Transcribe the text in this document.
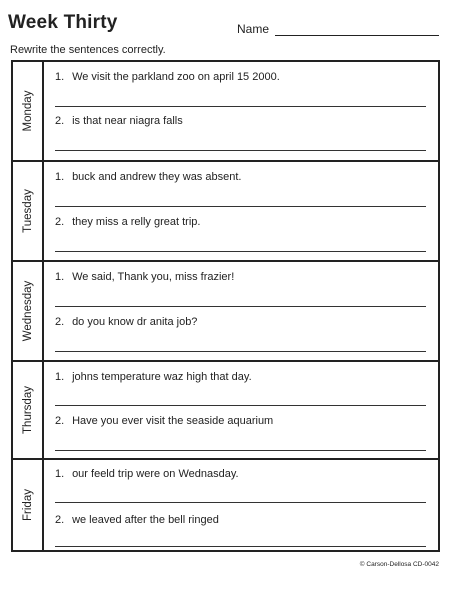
Week Thirty	Name
Rewrite the sentences correctly.
Monday
1. We visit the parkland zoo on april 15 2000.
2. is that near niagra falls
Tuesday
1. buck and andrew they was absent.
2. they miss a relly great trip.
Wednesday
1. We said, Thank you, miss frazier!
2. do you know dr anita job?
Thursday
1. johns temperature waz high that day.
2. Have you ever visit the seaside aquarium
Friday
1. our feeld trip were on Wednasday.
2. we leaved after the bell ringed
© Carson-Dellosa CD-0042
